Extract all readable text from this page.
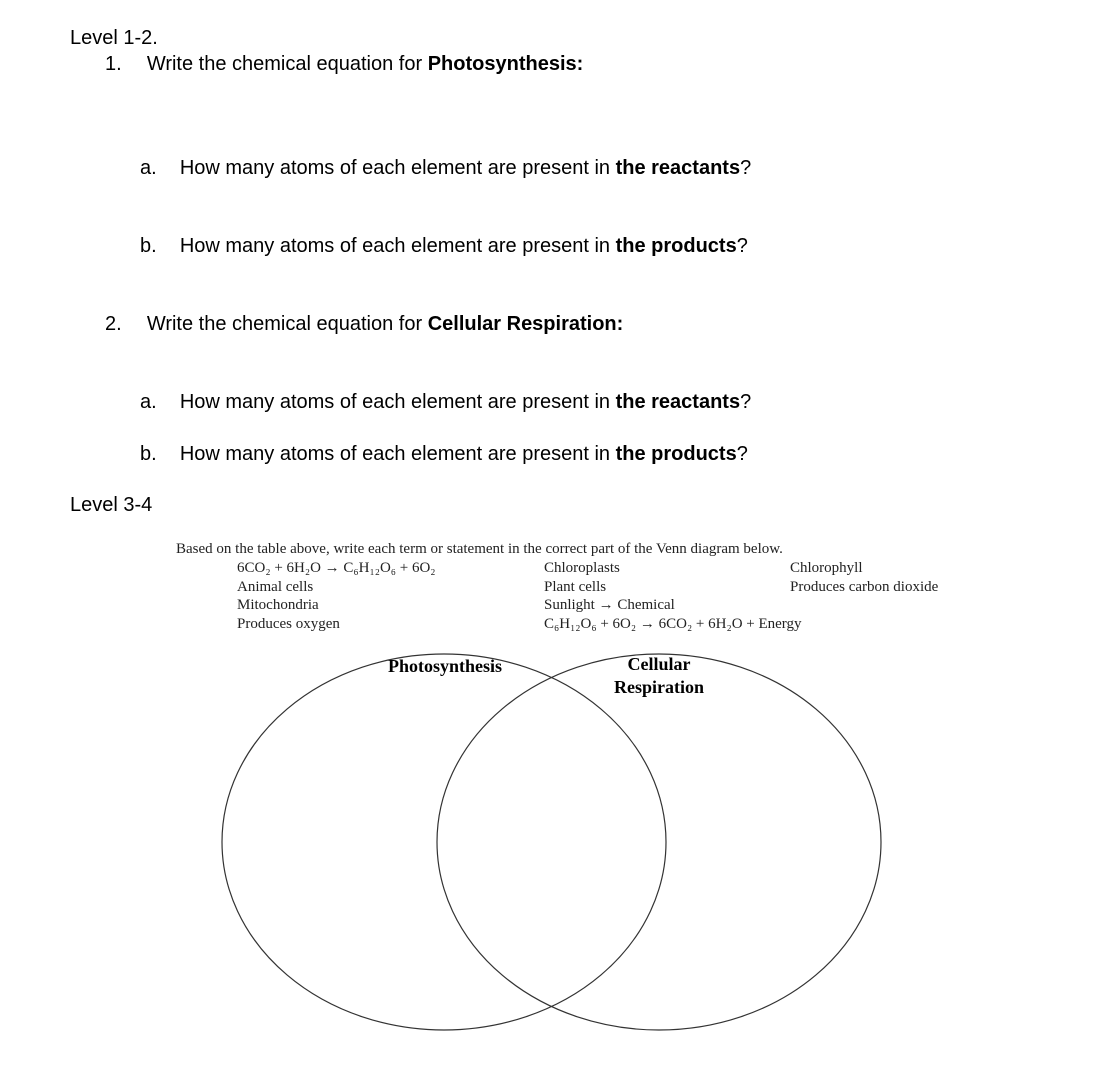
Level 1-2.
1. Write the chemical equation for Photosynthesis:
a. How many atoms of each element are present in the reactants?
b. How many atoms of each element are present in the products?
2. Write the chemical equation for Cellular Respiration:
a. How many atoms of each element are present in the reactants?
b. How many atoms of each element are present in the products?
Level 3-4
Based on the table above, write each term or statement in the correct part of the Venn diagram below.
6CO₂ + 6H₂O → C₆H₁₂O₆ + 6O₂
Animal cells
Mitochondria
Produces oxygen
Chloroplasts
Plant cells
Sunlight → Chemical
C₆H₁₂O₆ + 6O₂ → 6CO₂ + 6H₂O + Energy
Chlorophyll
Produces carbon dioxide
Photosynthesis	Cellular
Respiration
